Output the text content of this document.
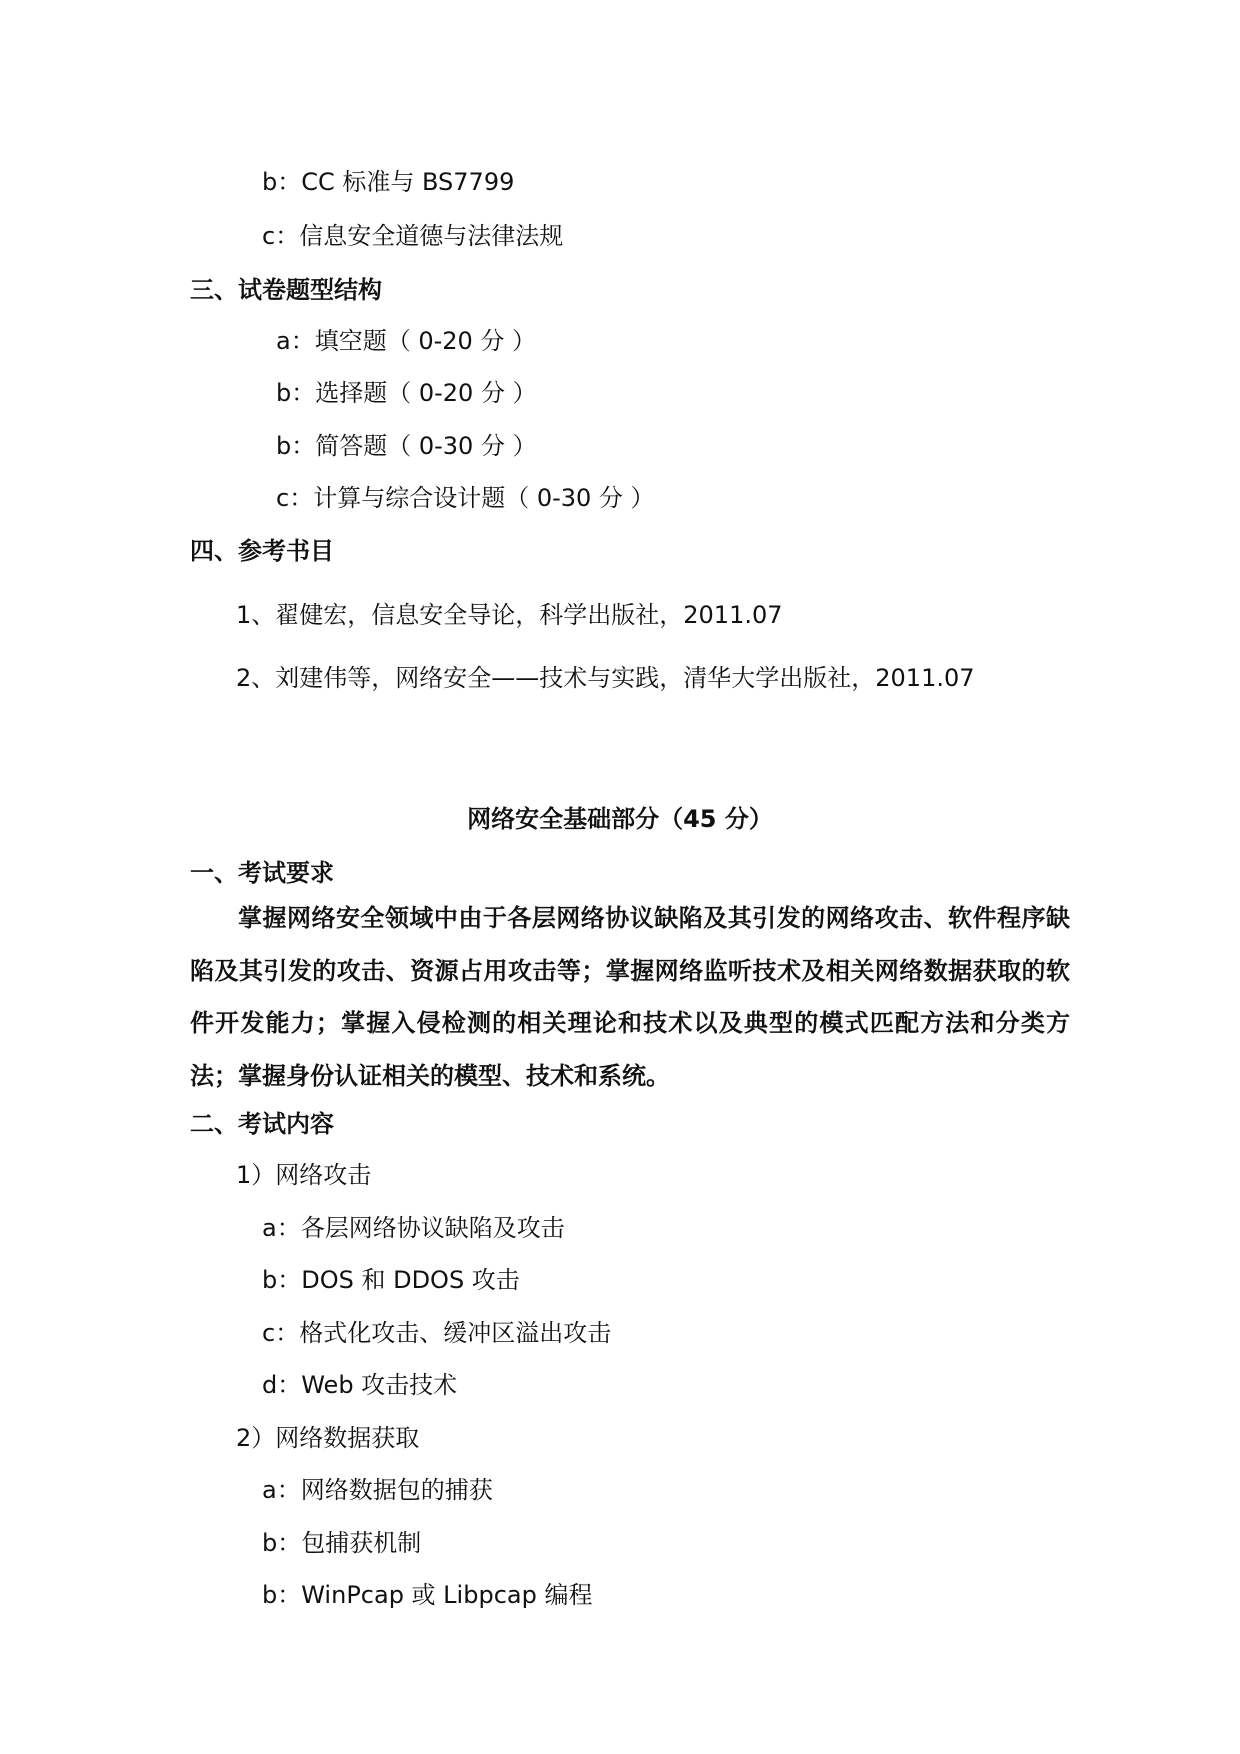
b：CC 标准与 BS7799
c：信息安全道德与法律法规
三、试卷题型结构
a：填空题（ 0-20 分 ）
b：选择题（ 0-20 分 ）
b：简答题（ 0-30 分 ）
c：计算与综合设计题（ 0-30 分 ）
四、参考书目
1、翟健宏，信息安全导论，科学出版社，2011.07
2、刘建伟等，网络安全——技术与实践，清华大学出版社，2011.07
网络安全基础部分（45 分）
一、考试要求
掌握网络安全领域中由于各层网络协议缺陷及其引发的网络攻击、软件程序缺陷及其引发的攻击、资源占用攻击等；掌握网络监听技术及相关网络数据获取的软件开发能力；掌握入侵检测的相关理论和技术以及典型的模式匹配方法和分类方法；掌握身份认证相关的模型、技术和系统。
二、考试内容
1）网络攻击
a：各层网络协议缺陷及攻击
b：DOS 和 DDOS 攻击
c：格式化攻击、缓冲区溢出攻击
d：Web 攻击技术
2）网络数据获取
a：网络数据包的捕获
b：包捕获机制
b：WinPcap 或 Libpcap 编程
